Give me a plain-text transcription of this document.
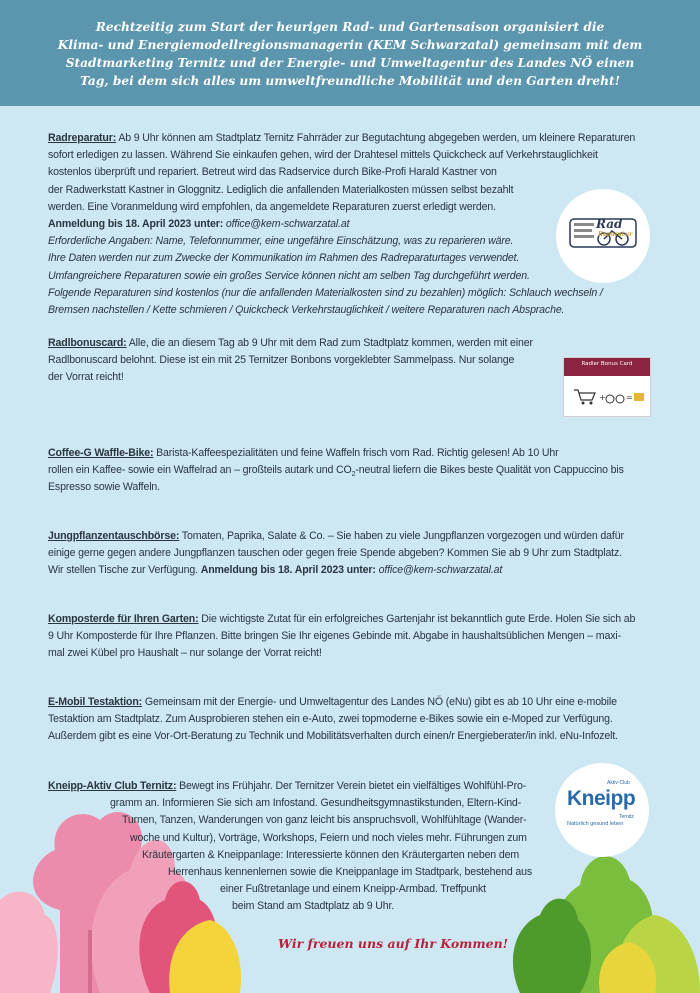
Rechtzeitig zum Start der heurigen Rad- und Gartensaison organisiert die
Klima- und Energiemodellregionsmanagerin (KEM Schwarzatal) gemeinsam mit dem
Stadtmarketing Ternitz und der Energie- und Umweltagentur des Landes NÖ einen
Tag, bei dem sich alles um umweltfreundliche Mobilität und den Garten dreht!

Radreparatur: Ab 9 Uhr können am Stadtplatz Ternitz Fahrräder zur Begutachtung abgegeben werden, um kleinere Reparaturen

sofort erledigen zu lassen. Während Sie einkaufen gehen, wird der Drahtesel mittels Quickcheck auf Verkehrstauglichkeit

kostenlos überprüft und repariert. Betreut wird das Radservice durch Bike-Profi Harald Kastner von

der Radwerkstatt Kastner in Gloggnitz. Lediglich die anfallenden Materialkosten müssen selbst bezahlt

werden. Eine Voranmeldung wird empfohlen, da angemeldete Reparaturen zuerst erledigt werden.

Anmeldung bis 18. April 2023 unter: office@kem-schwarzatal.at

Erforderliche Angaben: Name, Telefonnummer, eine ungefähre Einschätzung, was zu reparieren wäre.

Ihre Daten werden nur zum Zwecke der Kommunikation im Rahmen des Radreparaturtages verwendet.

Umfangreichere Reparaturen sowie ein großes Service können nicht am selben Tag durchgeführt werden.

Folgende Reparaturen sind kostenlos (nur die anfallenden Materialkosten sind zu bezahlen) möglich: Schlauch wechseln /

Bremsen nachstellen / Kette schmieren / Quickcheck Verkehrstauglichkeit / weitere Reparaturen nach Absprache.

Radlbonuscard: Alle, die an diesem Tag ab 9 Uhr mit dem Rad zum Stadtplatz kommen, werden mit einer

Radlbonuscard belohnt. Diese ist ein mit 25 Ternitzer Bonbons vorgeklebter Sammelpass. Nur solange

der Vorrat reicht!

Coffee-G Waffle-Bike: Barista-Kaffeespezialitäten und feine Waffeln frisch vom Rad. Richtig gelesen! Ab 10 Uhr

rollen ein Kaffee- sowie ein Waffelrad an – großteils autark und $CO_2$-neutral liefern die Bikes beste Qualität von Cappuccino bis

Espresso sowie Waffeln.

Jungpflanzentauschbörse: Tomaten, Paprika, Salate & Co. – Sie haben zu viele Jungpflanzen vorgezogen und würden dafür

einige gerne gegen andere Jungpflanzen tauschen oder gegen freie Spende abgeben? Kommen Sie ab 9 Uhr zum Stadtplatz.

Wir stellen Tische zur Verfügung. Anmeldung bis 18. April 2023 unter: office@kem-schwarzatal.at

Komposterde für Ihren Garten: Die wichtigste Zutat für ein erfolgreiches Gartenjahr ist bekanntlich gute Erde. Holen Sie sich ab

9 Uhr Komposterde für Ihre Pflanzen. Bitte bringen Sie Ihr eigenes Gebinde mit. Abgabe in haushaltsüblichen Mengen – maxi-

mal zwei Kübel pro Haushalt – nur solange der Vorrat reicht!

E-Mobil Testaktion: Gemeinsam mit der Energie- und Umweltagentur des Landes NÖ (eNu) gibt es ab 10 Uhr eine e-mobile

Testaktion am Stadtplatz. Zum Ausprobieren stehen ein e-Auto, zwei topmoderne e-Bikes sowie ein e-Moped zur Verfügung.

Außerdem gibt es eine Vor-Ort-Beratung zu Technik und Mobilitätsverhalten durch einen/r Energieberater/in inkl. eNu-Infozelt.

Kneipp-Aktiv Club Ternitz: Bewegt ins Frühjahr. Der Ternitzer Verein bietet ein vielfältiges Wohlfühl-Pro-

gramm an. Informieren Sie sich am Infostand. Gesundheitsgymnastikstunden, Eltern-Kind-

Turnen, Tanzen, Wanderungen von ganz leicht bis anspruchsvoll, Wohlfühltage (Wander-

woche und Kultur), Vorträge, Workshops, Feiern und noch vieles mehr. Führungen zum

Kräutergarten & Kneippanlage: Interessierte können den Kräutergarten neben dem

Herrenhaus kennenlernen sowie die Kneippanlage im Stadtpark, bestehend aus

einer Fußtretanlage und einem Kneipp-Armbad. Treffpunkt

beim Stand am Stadtplatz ab 9 Uhr.

Rad
Reparatur
Radler Bonus Card
+	=
Aktiv-Club
Kneipp
Ternitz
Natürlich gesund leben
Wir freuen uns auf Ihr Kommen!
